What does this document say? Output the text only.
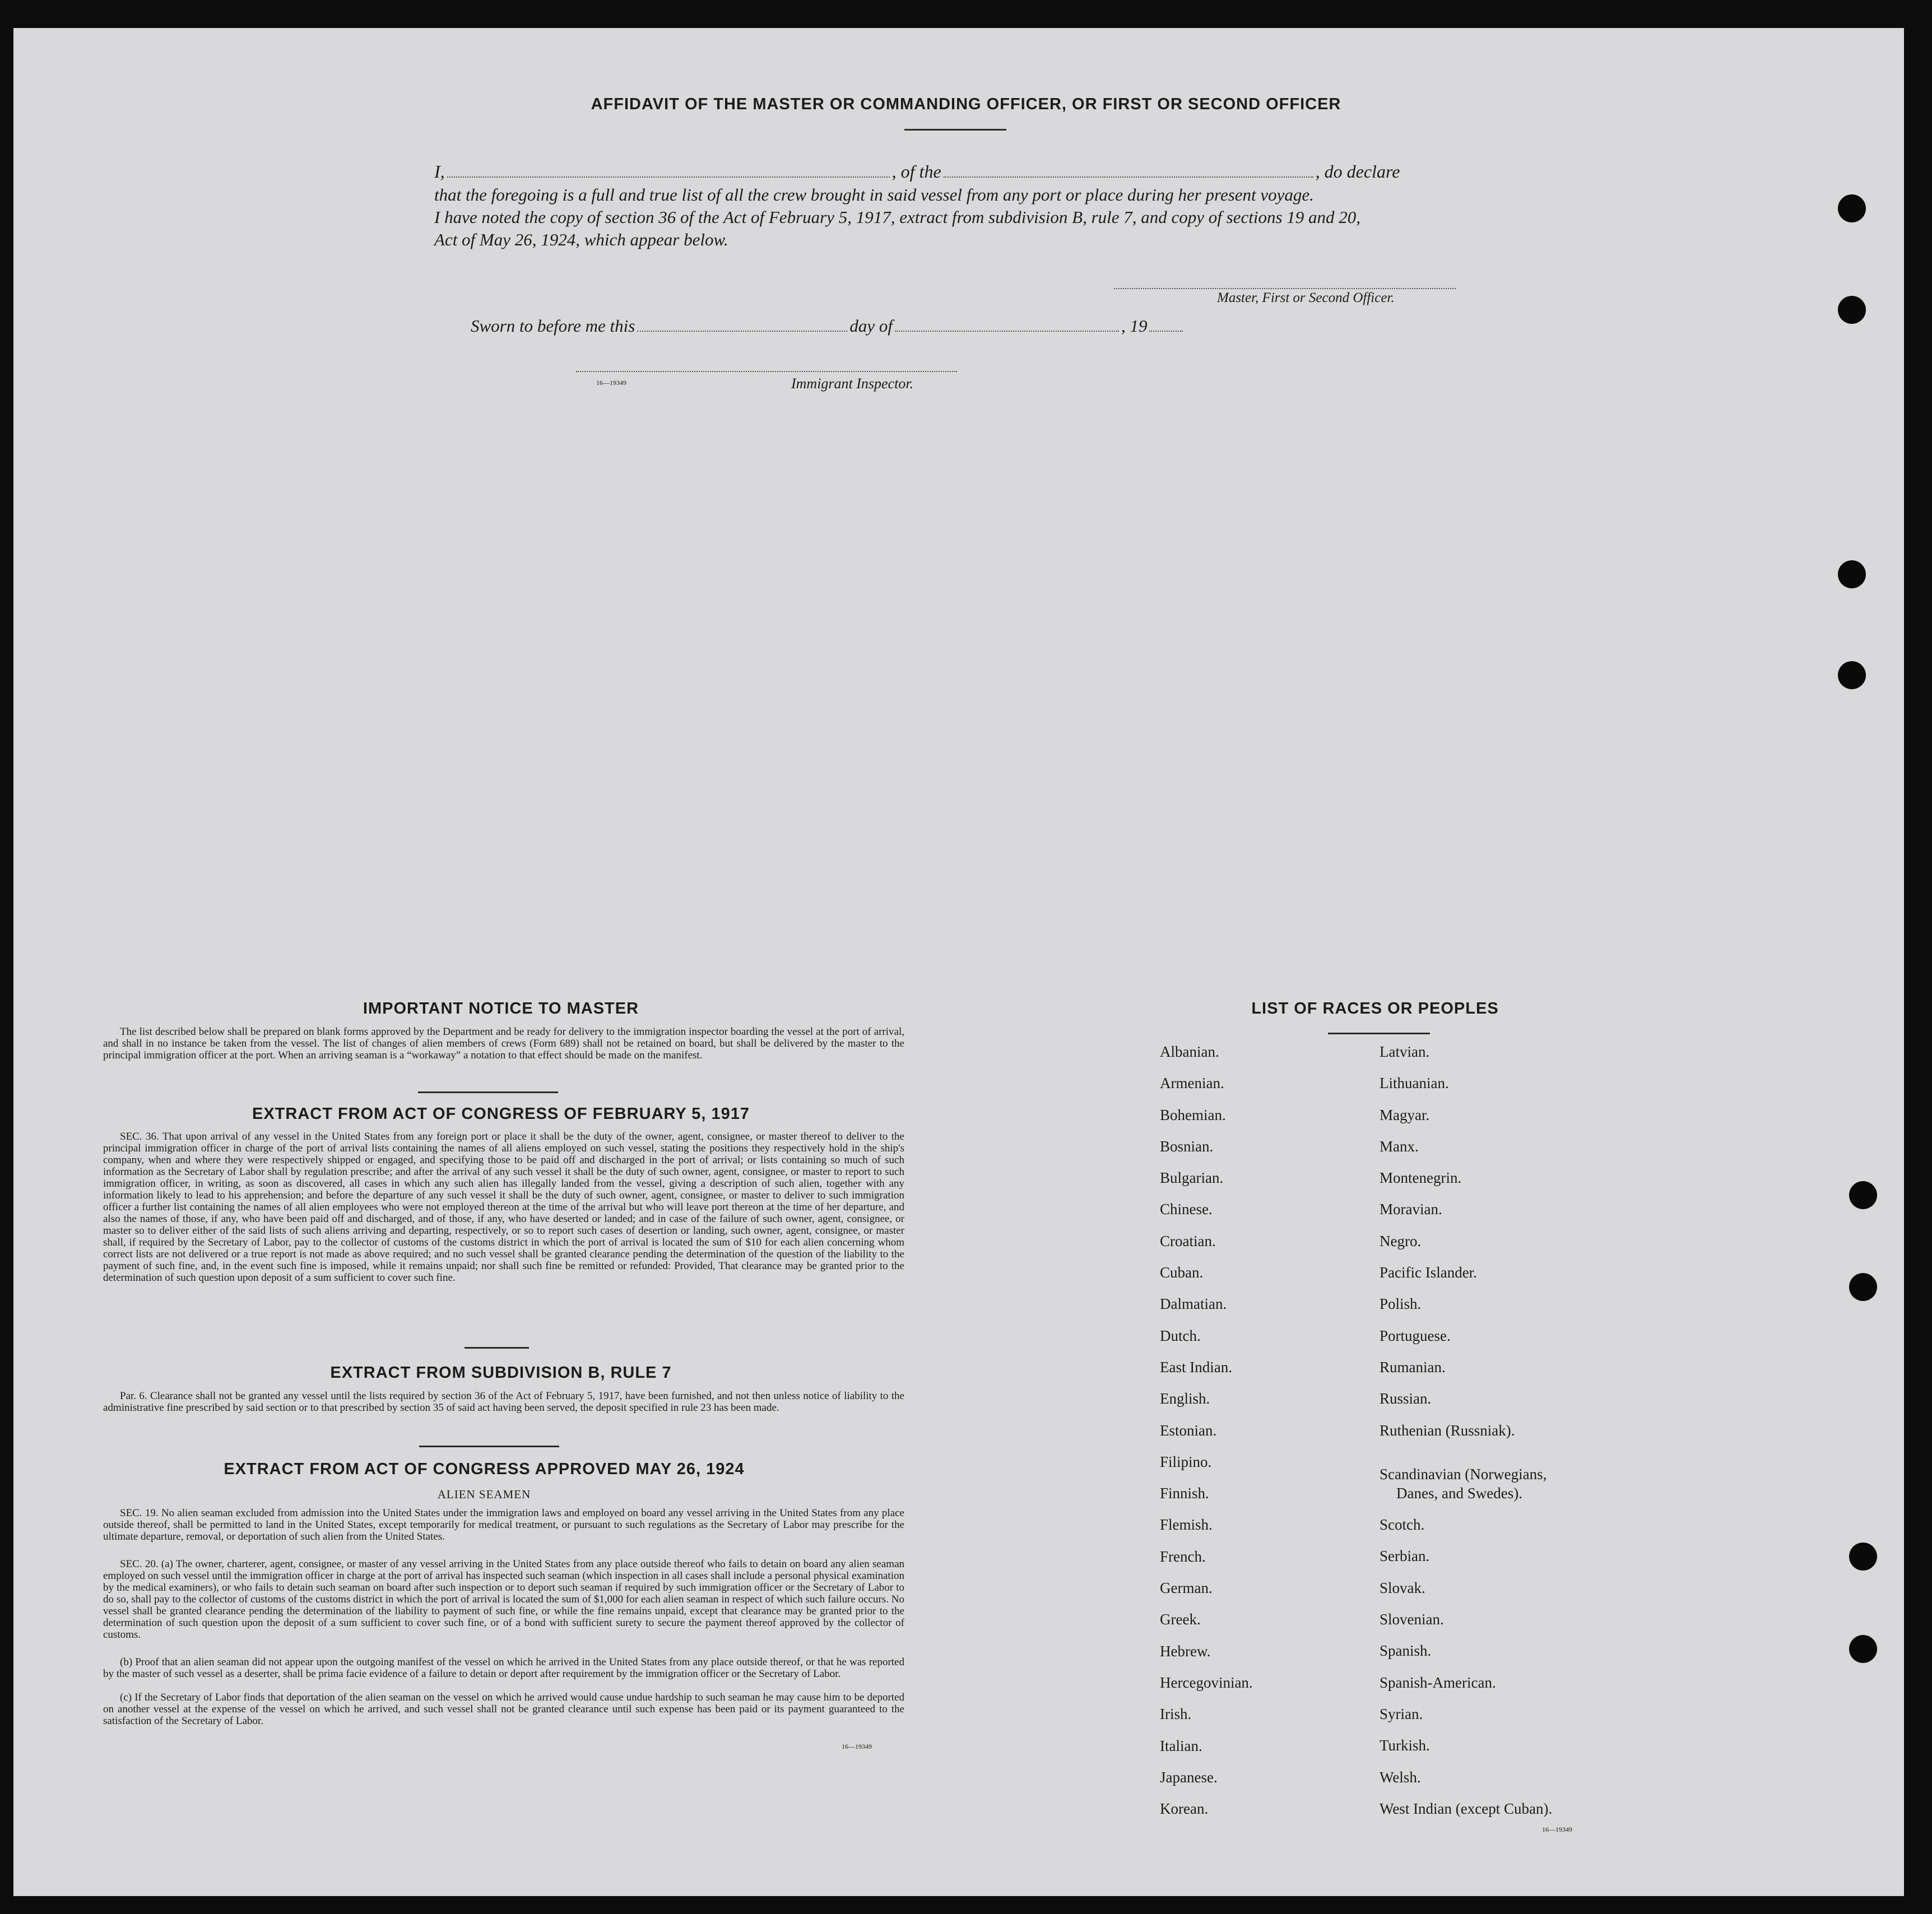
AFFIDAVIT OF THE MASTER OR COMMANDING OFFICER, OR FIRST OR SECOND OFFICER
I,	, of the	, do declare
that the foregoing is a full and true list of all the crew brought in said vessel from any port or place during her present voyage.
I have noted the copy of section 36 of the Act of February 5, 1917, extract from subdivision B, rule 7, and copy of sections 19 and 20,
Act of May 26, 1924, which appear below.
Master, First or Second Officer.
Sworn to before me this	day of	, 19
16—19349	Immigrant Inspector.
IMPORTANT NOTICE TO MASTER
The list described below shall be prepared on blank forms approved by the Department and be ready for delivery to the immigration inspector boarding the vessel at the port of arrival, and shall in no instance be taken from the vessel. The list of changes of alien members of crews (Form 689) shall not be retained on board, but shall be delivered by the master to the principal immigration officer at the port. When an arriving seaman is a “workaway” a notation to that effect should be made on the manifest.
EXTRACT FROM ACT OF CONGRESS OF FEBRUARY 5, 1917
SEC. 36. That upon arrival of any vessel in the United States from any foreign port or place it shall be the duty of the owner, agent, consignee, or master thereof to deliver to the principal immigration officer in charge of the port of arrival lists containing the names of all aliens employed on such vessel, stating the positions they respectively hold in the ship's company, when and where they were respectively shipped or engaged, and specifying those to be paid off and discharged in the port of arrival; or lists containing so much of such information as the Secretary of Labor shall by regulation prescribe; and after the arrival of any such vessel it shall be the duty of such owner, agent, consignee, or master to report to such immigration officer, in writing, as soon as discovered, all cases in which any such alien has illegally landed from the vessel, giving a description of such alien, together with any information likely to lead to his apprehension; and before the departure of any such vessel it shall be the duty of such owner, agent, consignee, or master to deliver to such immigration officer a further list containing the names of all alien employees who were not employed thereon at the time of the arrival but who will leave port thereon at the time of her departure, and also the names of those, if any, who have been paid off and discharged, and of those, if any, who have deserted or landed; and in case of the failure of such owner, agent, consignee, or master so to deliver either of the said lists of such aliens arriving and departing, respectively, or so to report such cases of desertion or landing, such owner, agent, consignee, or master shall, if required by the Secretary of Labor, pay to the collector of customs of the customs district in which the port of arrival is located the sum of $10 for each alien concerning whom correct lists are not delivered or a true report is not made as above required; and no such vessel shall be granted clearance pending the determination of the question of the liability to the payment of such fine, and, in the event such fine is imposed, while it remains unpaid; nor shall such fine be remitted or refunded: Provided, That clearance may be granted prior to the determination of such question upon deposit of a sum sufficient to cover such fine.
EXTRACT FROM SUBDIVISION B, RULE 7
Par. 6. Clearance shall not be granted any vessel until the lists required by section 36 of the Act of February 5, 1917, have been furnished, and not then unless notice of liability to the administrative fine prescribed by said section or to that prescribed by section 35 of said act having been served, the deposit specified in rule 23 has been made.
EXTRACT FROM ACT OF CONGRESS APPROVED MAY 26, 1924
ALIEN SEAMEN
SEC. 19. No alien seaman excluded from admission into the United States under the immigration laws and employed on board any vessel arriving in the United States from any place outside thereof, shall be permitted to land in the United States, except temporarily for medical treatment, or pursuant to such regulations as the Secretary of Labor may prescribe for the ultimate departure, removal, or deportation of such alien from the United States.
SEC. 20. (a) The owner, charterer, agent, consignee, or master of any vessel arriving in the United States from any place outside thereof who fails to detain on board any alien seaman employed on such vessel until the immigration officer in charge at the port of arrival has inspected such seaman (which inspection in all cases shall include a personal physical examination by the medical examiners), or who fails to detain such seaman on board after such inspection or to deport such seaman if required by such immigration officer or the Secretary of Labor to do so, shall pay to the collector of customs of the customs district in which the port of arrival is located the sum of $1,000 for each alien seaman in respect of which such failure occurs. No vessel shall be granted clearance pending the determination of the liability to payment of such fine, or while the fine remains unpaid, except that clearance may be granted prior to the determination of such question upon the deposit of a sum sufficient to cover such fine, or of a bond with sufficient surety to secure the payment thereof approved by the collector of customs.
(b) Proof that an alien seaman did not appear upon the outgoing manifest of the vessel on which he arrived in the United States from any place outside thereof, or that he was reported by the master of such vessel as a deserter, shall be prima facie evidence of a failure to detain or deport after requirement by the immigration officer or the Secretary of Labor.
(c) If the Secretary of Labor finds that deportation of the alien seaman on the vessel on which he arrived would cause undue hardship to such seaman he may cause him to be deported on another vessel at the expense of the vessel on which he arrived, and such vessel shall not be granted clearance until such expense has been paid or its payment guaranteed to the satisfaction of the Secretary of Labor.
16—19349
LIST OF RACES OR PEOPLES
Albanian.
Armenian.
Bohemian.
Bosnian.
Bulgarian.
Chinese.
Croatian.
Cuban.
Dalmatian.
Dutch.
East Indian.
English.
Estonian.
Filipino.
Finnish.
Flemish.
French.
German.
Greek.
Hebrew.
Hercegovinian.
Irish.
Italian.
Japanese.
Korean.
Latvian.
Lithuanian.
Magyar.
Manx.
Montenegrin.
Moravian.
Negro.
Pacific Islander.
Polish.
Portuguese.
Rumanian.
Russian.
Ruthenian (Russniak).
Scandinavian (Norwegians,
Danes, and Swedes).
Scotch.
Serbian.
Slovak.
Slovenian.
Spanish.
Spanish-American.
Syrian.
Turkish.
Welsh.
West Indian (except Cuban).
16—19349
